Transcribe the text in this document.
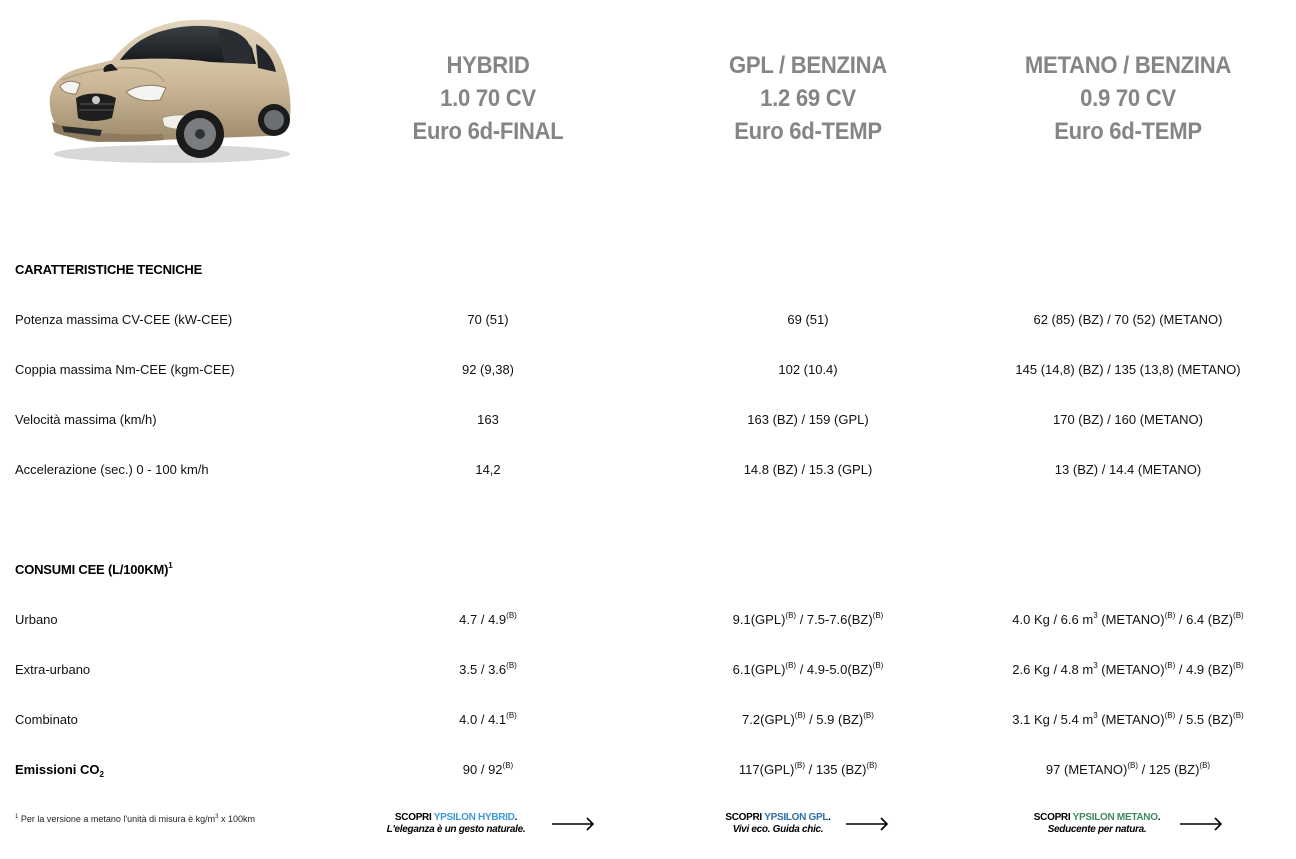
HYBRID
1.0 70 CV
Euro 6d-FINAL
GPL / BENZINA
1.2 69 CV
Euro 6d-TEMP
METANO / BENZINA
0.9 70 CV
Euro 6d-TEMP
CARATTERISTICHE TECNICHE
Potenza massima CV-CEE (kW-CEE)	70 (51)	69 (51)	62 (85) (BZ) / 70 (52) (METANO)
Coppia massima Nm-CEE (kgm-CEE)	92 (9,38)	102 (10.4)	145 (14,8) (BZ) / 135 (13,8) (METANO)
Velocità massima (km/h)	163	163 (BZ) / 159 (GPL)	170 (BZ) / 160 (METANO)
Accelerazione (sec.) 0 - 100 km/h	14,2	14.8 (BZ) / 15.3 (GPL)	13 (BZ) / 14.4 (METANO)
CONSUMI CEE $(L/100KM)^1$
Urbano	$4.7 / 4.9^{(B)}$	9.1(GPL)$^{(B)}$ / 7.5-7.6(BZ)$^{(B)}$	4.0 Kg / 6.6 $m^3$ (METANO)$^{(B)}$ / 6.4 (BZ)$^{(B)}$
Extra-urbano	$3.5 / 3.6^{(B)}$	6.1(GPL)$^{(B)}$ / 4.9-5.0(BZ)$^{(B)}$	2.6 Kg / 4.8 $m^3$ (METANO)$^{(B)}$ / 4.9 (BZ)$^{(B)}$
Combinato	$4.0 / 4.1^{(B)}$	7.2(GPL)$^{(B)}$ / 5.9 (BZ)$^{(B)}$	3.1 Kg / 5.4 $m^3$ (METANO)$^{(B)}$ / 5.5 (BZ)$^{(B)}$
Emissioni $CO_2$	$90 / 92^{(B)}$	117(GPL)$^{(B)}$ / 135 (BZ)$^{(B)}$	97 (METANO)$^{(B)}$ / 125 (BZ)$^{(B)}$
$^1$ Per la versione a metano l'unità di misura è $kg/m^3$ x 100km	SCOPRI YPSILON HYBRID.
L'eleganza è un gesto naturale.
SCOPRI YPSILON GPL.
Vivi eco. Guida chic.
SCOPRI YPSILON METANO.
Seducente per natura.
